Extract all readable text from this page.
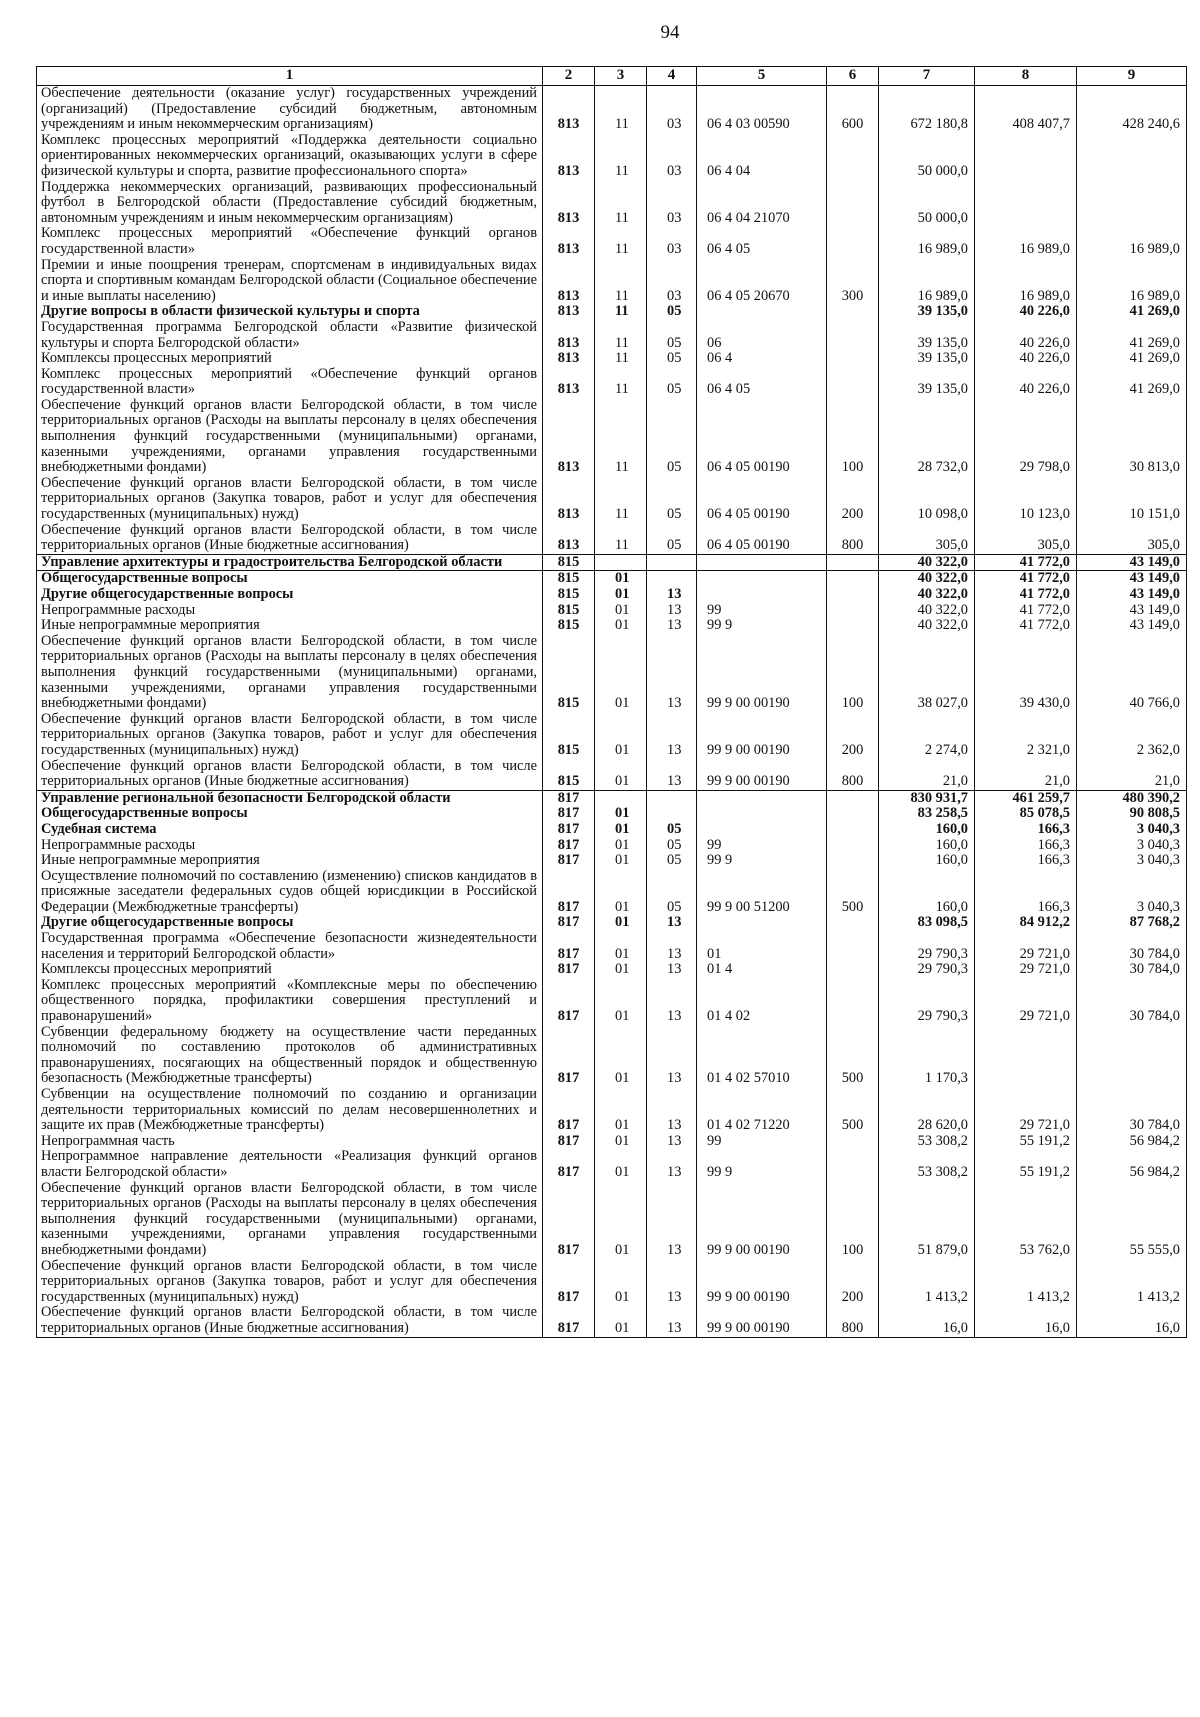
94
1	2	3	4	5	6	7	8	9
Обеспечение деятельности (оказание услуг) государственных учреждений (организаций) (Предоставление субсидий бюджетным, автономным учреждениям и иным некоммерческим организациям)	813	11	03	06 4 03 00590	600	672 180,8	408 407,7	428 240,6
Комплекс процессных мероприятий «Поддержка деятельности социально ориентированных некоммерческих организаций, оказывающих услуги в сфере физической культуры и спорта, развитие профессионального спорта»	813	11	03	06 4 04		50 000,0		
Поддержка некоммерческих организаций, развивающих профессиональный футбол в Белгородской области (Предоставление субсидий бюджетным, автономным учреждениям и иным некоммерческим организациям)	813	11	03	06 4 04 21070		50 000,0		
Комплекс процессных мероприятий «Обеспечение функций органов государственной власти»	813	11	03	06 4 05		16 989,0	16 989,0	16 989,0
Премии и иные поощрения тренерам, спортсменам в индивидуальных видах спорта и спортивным командам Белгородской области (Социальное обеспечение и иные выплаты населению)	813	11	03	06 4 05 20670	300	16 989,0	16 989,0	16 989,0
Другие вопросы в области физической культуры и спорта	813	11	05			39 135,0	40 226,0	41 269,0
Государственная программа Белгородской области «Развитие физической культуры и спорта Белгородской области»	813	11	05	06		39 135,0	40 226,0	41 269,0
Комплексы процессных мероприятий	813	11	05	06 4		39 135,0	40 226,0	41 269,0
Комплекс процессных мероприятий «Обеспечение функций органов государственной власти»	813	11	05	06 4 05		39 135,0	40 226,0	41 269,0
Обеспечение функций органов власти Белгородской области, в том числе территориальных органов (Расходы на выплаты персоналу в целях обеспечения выполнения функций государственными (муниципальными) органами, казенными учреждениями, органами управления государственными внебюджетными фондами)	813	11	05	06 4 05 00190	100	28 732,0	29 798,0	30 813,0
Обеспечение функций органов власти Белгородской области, в том числе территориальных органов (Закупка товаров, работ и услуг для обеспечения государственных (муниципальных) нужд)	813	11	05	06 4 05 00190	200	10 098,0	10 123,0	10 151,0
Обеспечение функций органов власти Белгородской области, в том числе территориальных органов (Иные бюджетные ассигнования)	813	11	05	06 4 05 00190	800	305,0	305,0	305,0
Управление архитектуры и градостроительства Белгородской области	815					40 322,0	41 772,0	43 149,0
Общегосударственные вопросы	815	01				40 322,0	41 772,0	43 149,0
Другие общегосударственные вопросы	815	01	13			40 322,0	41 772,0	43 149,0
Непрограммные расходы	815	01	13	99		40 322,0	41 772,0	43 149,0
Иные непрограммные мероприятия	815	01	13	99 9		40 322,0	41 772,0	43 149,0
Обеспечение функций органов власти Белгородской области, в том числе территориальных органов (Расходы на выплаты персоналу в целях обеспечения выполнения функций государственными (муниципальными) органами, казенными учреждениями, органами управления государственными внебюджетными фондами)	815	01	13	99 9 00 00190	100	38 027,0	39 430,0	40 766,0
Обеспечение функций органов власти Белгородской области, в том числе территориальных органов (Закупка товаров, работ и услуг для обеспечения государственных (муниципальных) нужд)	815	01	13	99 9 00 00190	200	2 274,0	2 321,0	2 362,0
Обеспечение функций органов власти Белгородской области, в том числе территориальных органов (Иные бюджетные ассигнования)	815	01	13	99 9 00 00190	800	21,0	21,0	21,0
Управление региональной безопасности Белгородской области	817					830 931,7	461 259,7	480 390,2
Общегосударственные вопросы	817	01				83 258,5	85 078,5	90 808,5
Судебная система	817	01	05			160,0	166,3	3 040,3
Непрограммные расходы	817	01	05	99		160,0	166,3	3 040,3
Иные непрограммные мероприятия	817	01	05	99 9		160,0	166,3	3 040,3
Осуществление полномочий по составлению (изменению) списков кандидатов в присяжные заседатели федеральных судов общей юрисдикции в Российской Федерации (Межбюджетные трансферты)	817	01	05	99 9 00 51200	500	160,0	166,3	3 040,3
Другие общегосударственные вопросы	817	01	13			83 098,5	84 912,2	87 768,2
Государственная программа «Обеспечение безопасности жизнедеятельности населения и территорий Белгородской области»	817	01	13	01		29 790,3	29 721,0	30 784,0
Комплексы процессных мероприятий	817	01	13	01 4		29 790,3	29 721,0	30 784,0
Комплекс процессных мероприятий «Комплексные меры по обеспечению общественного порядка, профилактики совершения преступлений и правонарушений»	817	01	13	01 4 02		29 790,3	29 721,0	30 784,0
Субвенции федеральному бюджету на осуществление части переданных полномочий по составлению протоколов об административных правонарушениях, посягающих на общественный порядок и общественную безопасность (Межбюджетные трансферты)	817	01	13	01 4 02 57010	500	1 170,3		
Субвенции на осуществление полномочий по созданию и организации деятельности территориальных комиссий по делам несовершеннолетних и защите их прав (Межбюджетные трансферты)	817	01	13	01 4 02 71220	500	28 620,0	29 721,0	30 784,0
Непрограммная часть	817	01	13	99		53 308,2	55 191,2	56 984,2
Непрограммное направление деятельности «Реализация функций органов власти Белгородской области»	817	01	13	99 9		53 308,2	55 191,2	56 984,2
Обеспечение функций органов власти Белгородской области, в том числе территориальных органов (Расходы на выплаты персоналу в целях обеспечения выполнения функций государственными (муниципальными) органами, казенными учреждениями, органами управления государственными внебюджетными фондами)	817	01	13	99 9 00 00190	100	51 879,0	53 762,0	55 555,0
Обеспечение функций органов власти Белгородской области, в том числе территориальных органов (Закупка товаров, работ и услуг для обеспечения государственных (муниципальных) нужд)	817	01	13	99 9 00 00190	200	1 413,2	1 413,2	1 413,2
Обеспечение функций органов власти Белгородской области, в том числе территориальных органов (Иные бюджетные ассигнования)	817	01	13	99 9 00 00190	800	16,0	16,0	16,0
